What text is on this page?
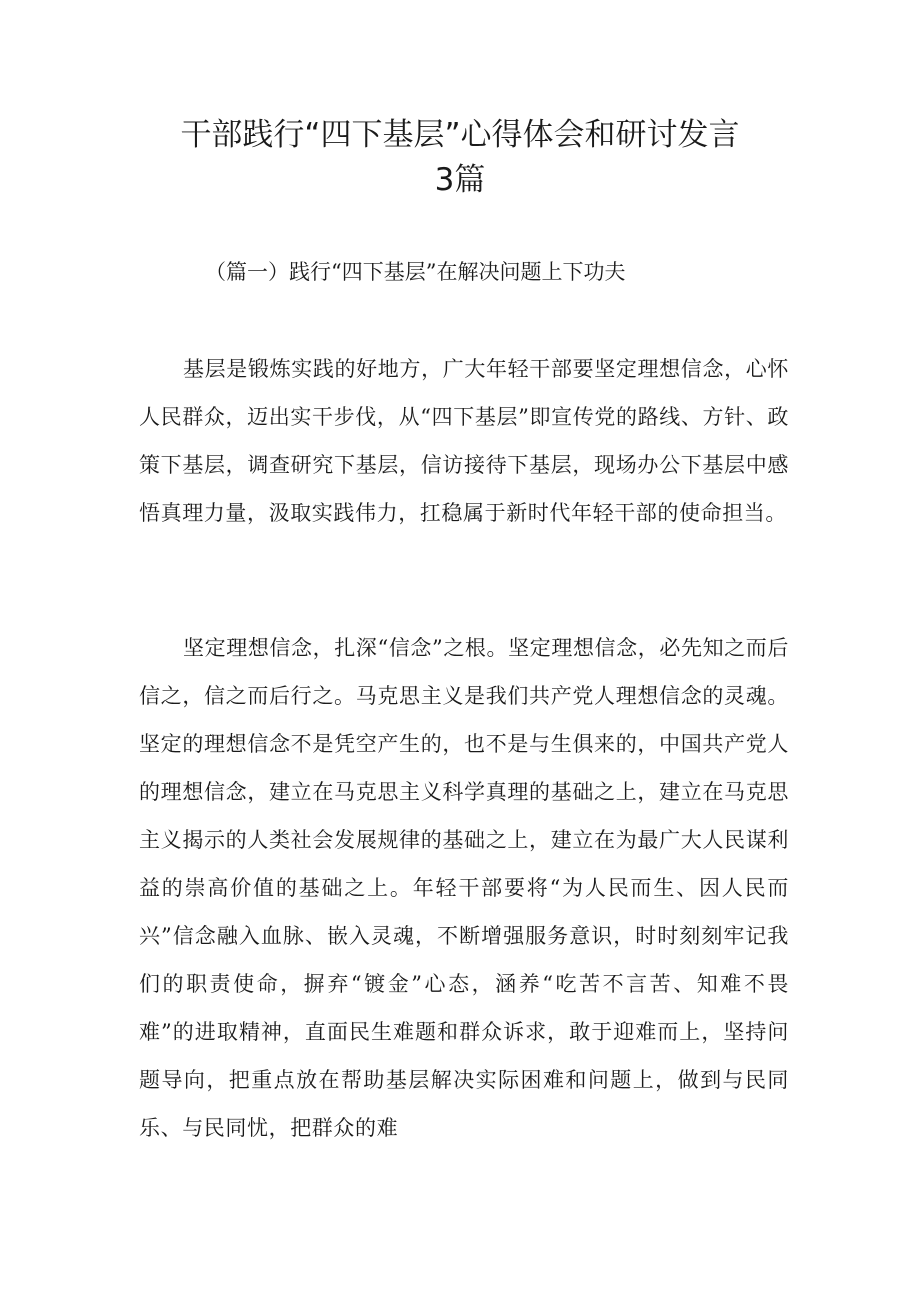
干部践行“四下基层”心得体会和研讨发言
3篇

（篇一）践行“四下基层”在解决问题上下功夫

基层是锻炼实践的好地方，广大年轻干部要坚定理想信念，心怀人民群众，迈出实干步伐，从“四下基层”即宣传党的路线、方针、政策下基层，调查研究下基层，信访接待下基层，现场办公下基层中感悟真理力量，汲取实践伟力，扛稳属于新时代年轻干部的使命担当。

坚定理想信念，扎深“信念”之根。坚定理想信念，必先知之而后信之，信之而后行之。马克思主义是我们共产党人理想信念的灵魂。坚定的理想信念不是凭空产生的，也不是与生俱来的，中国共产党人的理想信念，建立在马克思主义科学真理的基础之上，建立在马克思主义揭示的人类社会发展规律的基础之上，建立在为最广大人民谋利益的崇高价值的基础之上。年轻干部要将“为人民而生、因人民而兴”信念融入血脉、嵌入灵魂，不断增强服务意识，时时刻刻牢记我们的职责使命，摒弃“镀金”心态，涵养“吃苦不言苦、知难不畏难”的进取精神，直面民生难题和群众诉求，敢于迎难而上，坚持问题导向，把重点放在帮助基层解决实际困难和问题上，做到与民同乐、与民同忧，把群众的难
